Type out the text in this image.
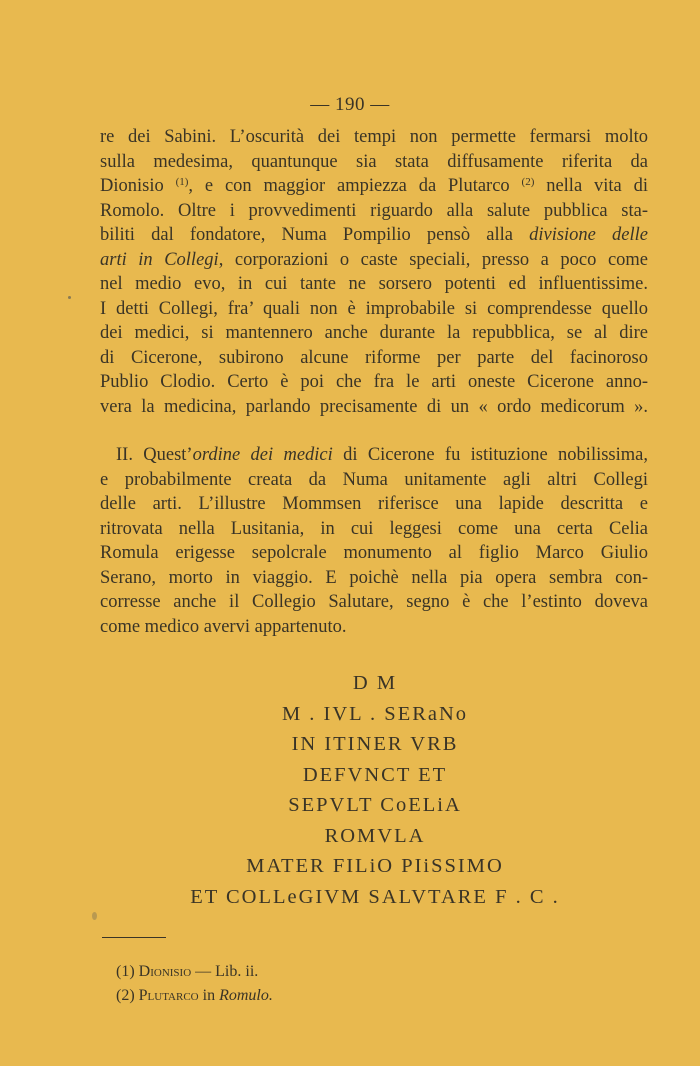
— 190 —
re dei Sabini. L’oscurità dei tempi non permette fermarsi molto
sulla medesima, quantunque sia stata diffusamente riferita da
Dionisio $^{(1)}$, e con maggior ampiezza da Plutarco $^{(2)}$ nella vita di
Romolo. Oltre i provvedimenti riguardo alla salute pubblica sta-
biliti dal fondatore, Numa Pompilio pensò alla divisione delle
arti in Collegi, corporazioni o caste speciali, presso a poco come
nel medio evo, in cui tante ne sorsero potenti ed influentissime.
I detti Collegi, fra’ quali non è improbabile si comprendesse quello
dei medici, si mantennero anche durante la repubblica, se al dire
di Cicerone, subirono alcune riforme per parte del facinoroso
Publio Clodio. Certo è poi che fra le arti oneste Cicerone anno-
vera la medicina, parlando precisamente di un « ordo medicorum ».
II. Quest’ordine dei medici di Cicerone fu istituzione nobilissima,
e probabilmente creata da Numa unitamente agli altri Collegi
delle arti. L’illustre Mommsen riferisce una lapide descritta e
ritrovata nella Lusitania, in cui leggesi come una certa Celia
Romula erigesse sepolcrale monumento al figlio Marco Giulio
Serano, morto in viaggio. E poichè nella pia opera sembra con-
corresse anche il Collegio Salutare, segno è che l’estinto doveva
come medico avervi appartenuto.
D M
M . IVL . SERaNo
IN ITINER VRB
DEFVNCT ET
SEPVLT CoELiA
ROMVLA
MATER FILiO PIiSSIMO
ET COLLeGIVM SALVTARE F . C .
(1) Dionisio — Lib. ii.
(2) Plutarco in Romulo.
